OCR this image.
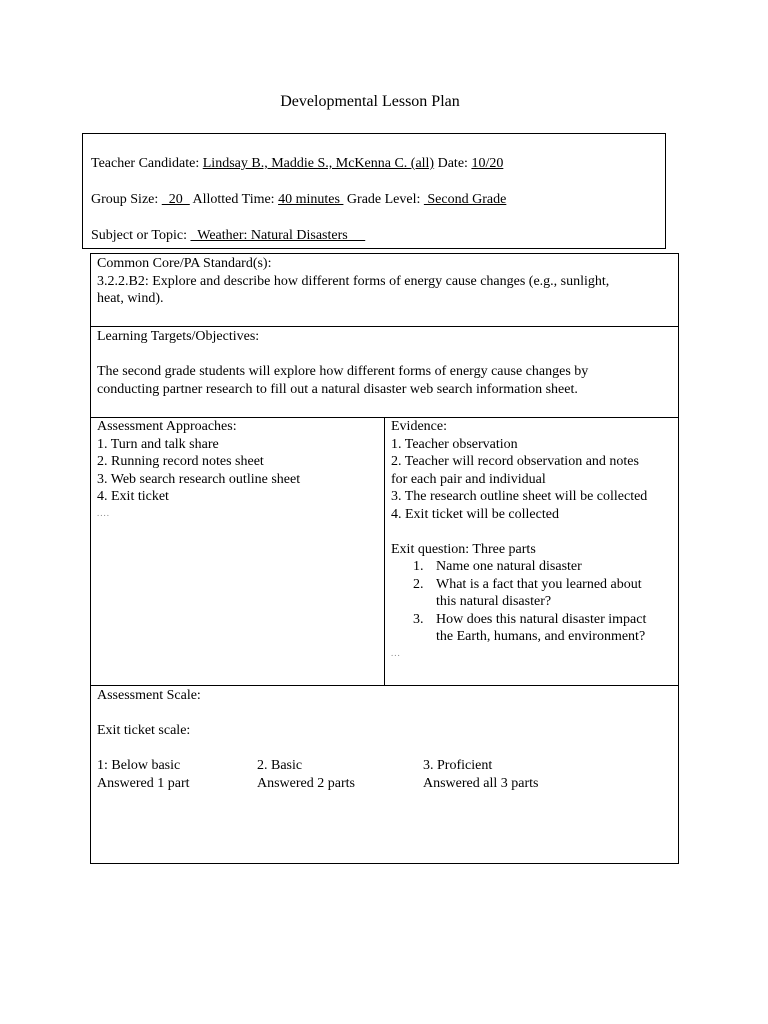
Developmental Lesson Plan
Teacher Candidate: Lindsay B., Maddie S., McKenna C. (all) Date: 10/20
Group Size:   20   Allotted Time: 40 minutes  Grade Level:  Second Grade
Subject or Topic:   Weather: Natural Disasters
Common Core/PA Standard(s):
3.2.2.B2: Explore and describe how different forms of energy cause changes (e.g., sunlight,
heat, wind).
Learning Targets/Objectives:
The second grade students will explore how different forms of energy cause changes by
conducting partner research to fill out a natural disaster web search information sheet.
Assessment Approaches:
1. Turn and talk share
2. Running record notes sheet
3. Web search research outline sheet
4. Exit ticket
....
Evidence:
1. Teacher observation
2. Teacher will record observation and notes
for each pair and individual
3. The research outline sheet will be collected
4. Exit ticket will be collected
Exit question: Three parts
1. Name one natural disaster
2. What is a fact that you learned about
this natural disaster?
3. How does this natural disaster impact
the Earth, humans, and environment?
...
Assessment Scale:
Exit ticket scale:
1: Below basic
Answered 1 part
2. Basic
Answered 2 parts
3. Proficient
Answered all 3 parts
